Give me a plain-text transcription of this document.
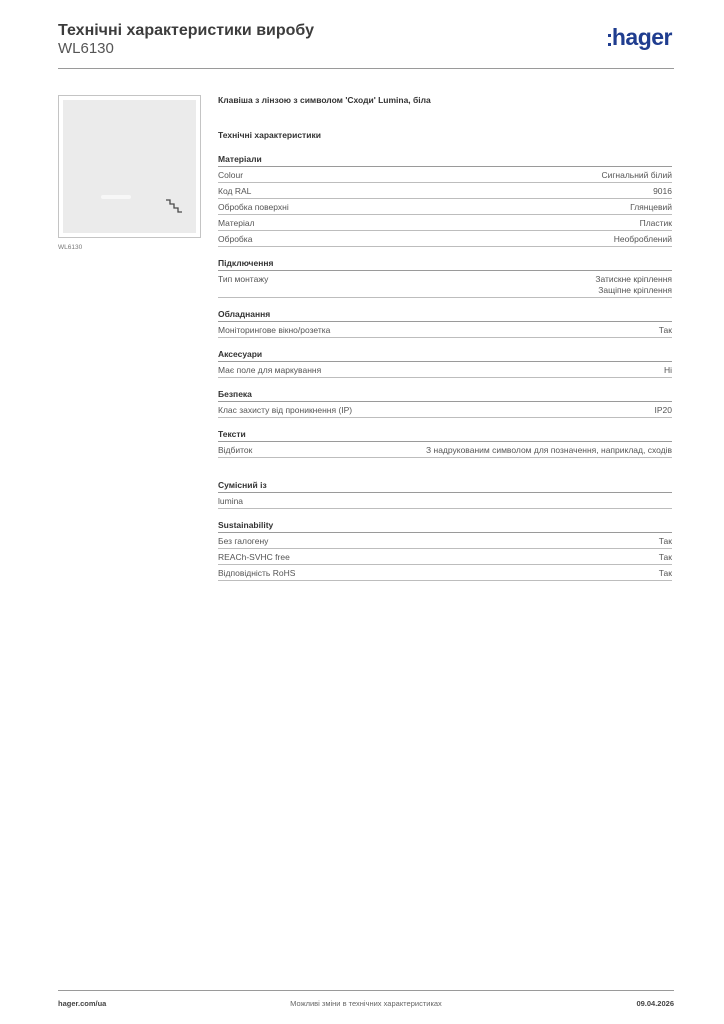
Технічні характеристики виробу
WL6130	hager
WL6130
Клавіша з лінзою з символом 'Сходи' Lumina, біла
Технічні характеристики
Матеріали
Colour	Сигнальний білий
Код RAL	9016
Обробка поверхні	Глянцевий
Матеріал	Пластик
Обробка	Необроблений
Підключення
Тип монтажу	Затискне кріплення
Защіпне кріплення
Обладнання
Моніторингове вікно/розетка	Так
Аксесуари
Має поле для маркування	Ні
Безпека
Клас захисту від проникнення (IP)	IP20
Тексти
Відбиток	З надрукованим символом для позначення, наприклад, сходів
Сумісний із
lumina
Sustainability
Без галогену	Так
REACh-SVHC free	Так
Відповідність RoHS	Так
hager.com/ua	Можливі зміни в технічних характеристиках	09.04.2026
